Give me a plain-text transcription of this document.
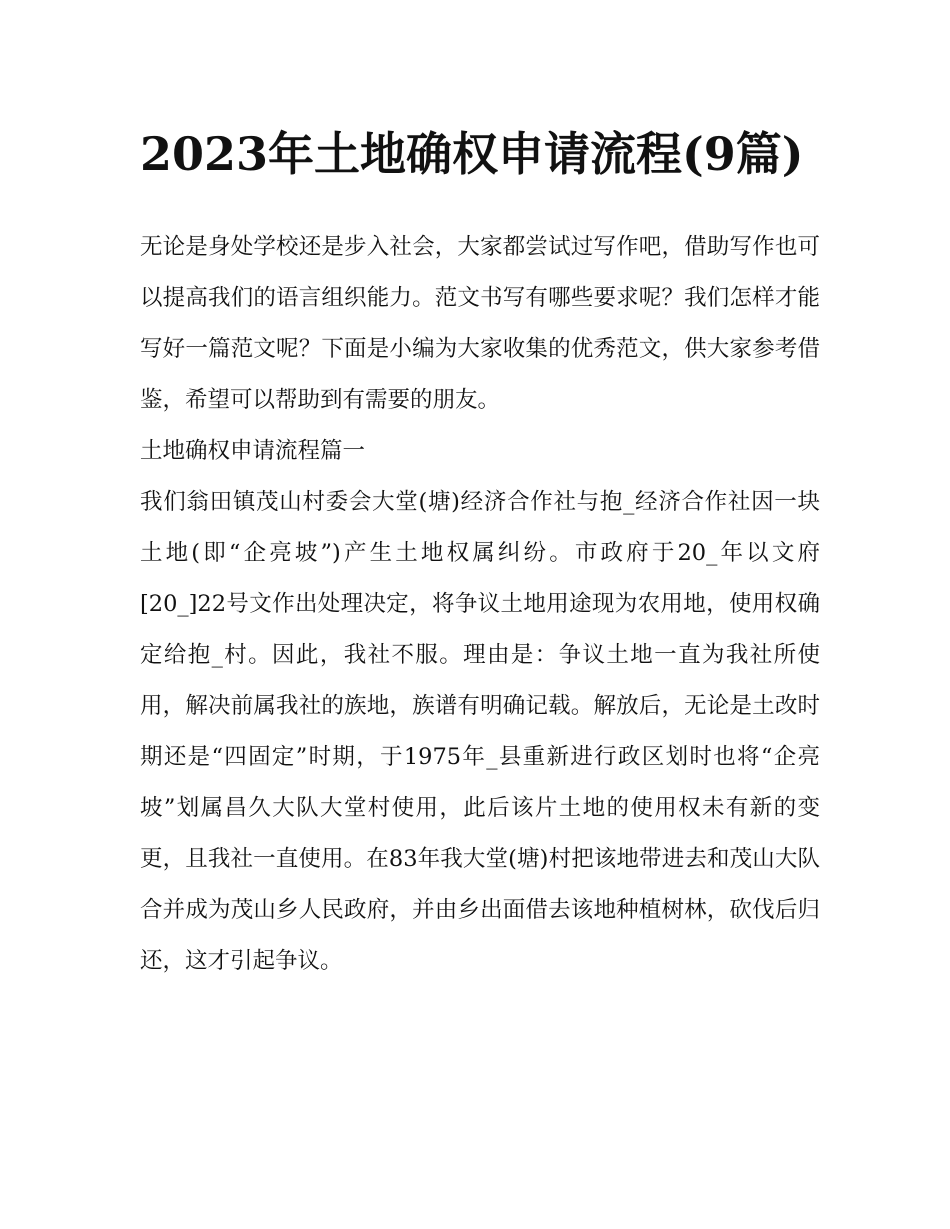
2023年土地确权申请流程(9篇)

无论是身处学校还是步入社会，大家都尝试过写作吧，借助写作也可以提高我们的语言组织能力。范文书写有哪些要求呢？我们怎样才能写好一篇范文呢？下面是小编为大家收集的优秀范文，供大家参考借鉴，希望可以帮助到有需要的朋友。

土地确权申请流程篇一

我们翁田镇茂山村委会大堂(塘)经济合作社与抱_经济合作社因一块土地(即“企亮坡”)产生土地权属纠纷。市政府于20_年以文府[20_]22号文作出处理决定，将争议土地用途现为农用地，使用权确定给抱_村。因此，我社不服。理由是：争议土地一直为我社所使用，解决前属我社的族地，族谱有明确记载。解放后，无论是土改时期还是“四固定”时期，于1975年_县重新进行政区划时也将“企亮坡”划属昌久大队大堂村使用，此后该片土地的使用权未有新的变更，且我社一直使用。在83年我大堂(塘)村把该地带进去和茂山大队合并成为茂山乡人民政府，并由乡出面借去该地种植树林，砍伐后归还，这才引起争议。
